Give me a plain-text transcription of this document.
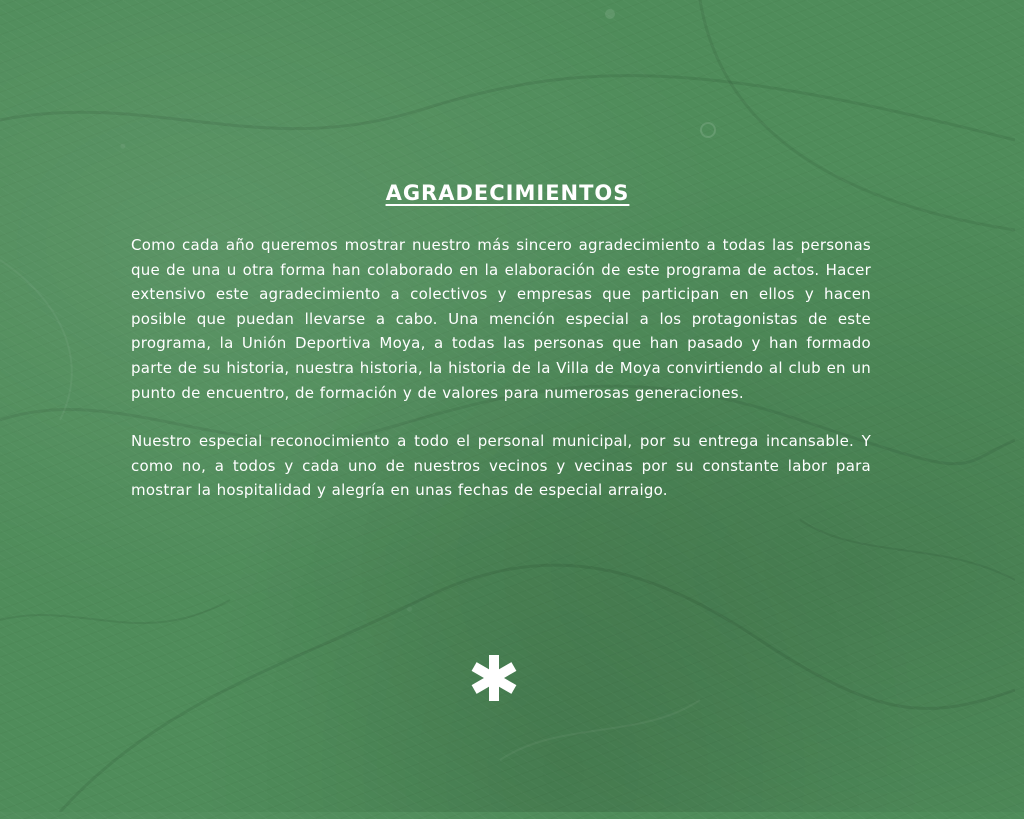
AGRADECIMIENTOS

Como cada año queremos mostrar nuestro más sincero agradecimiento a todas las personas que de una u otra forma han colaborado en la elaboración de este programa de actos. Hacer extensivo este agradecimiento a colectivos y empresas que participan en ellos y hacen posible que puedan llevarse a cabo. Una mención especial a los protagonistas de este programa, la Unión Deportiva Moya, a todas las personas que han pasado y han formado parte de su historia, nuestra historia, la historia de la Villa de Moya convirtiendo al club en un punto de encuentro, de formación y de valores para numerosas generaciones.

Nuestro especial reconocimiento a todo el personal municipal, por su entrega incansable. Y como no, a todos y cada uno de nuestros vecinos y vecinas por su constante labor para mostrar la hospitalidad y alegría en unas fechas de especial arraigo.
